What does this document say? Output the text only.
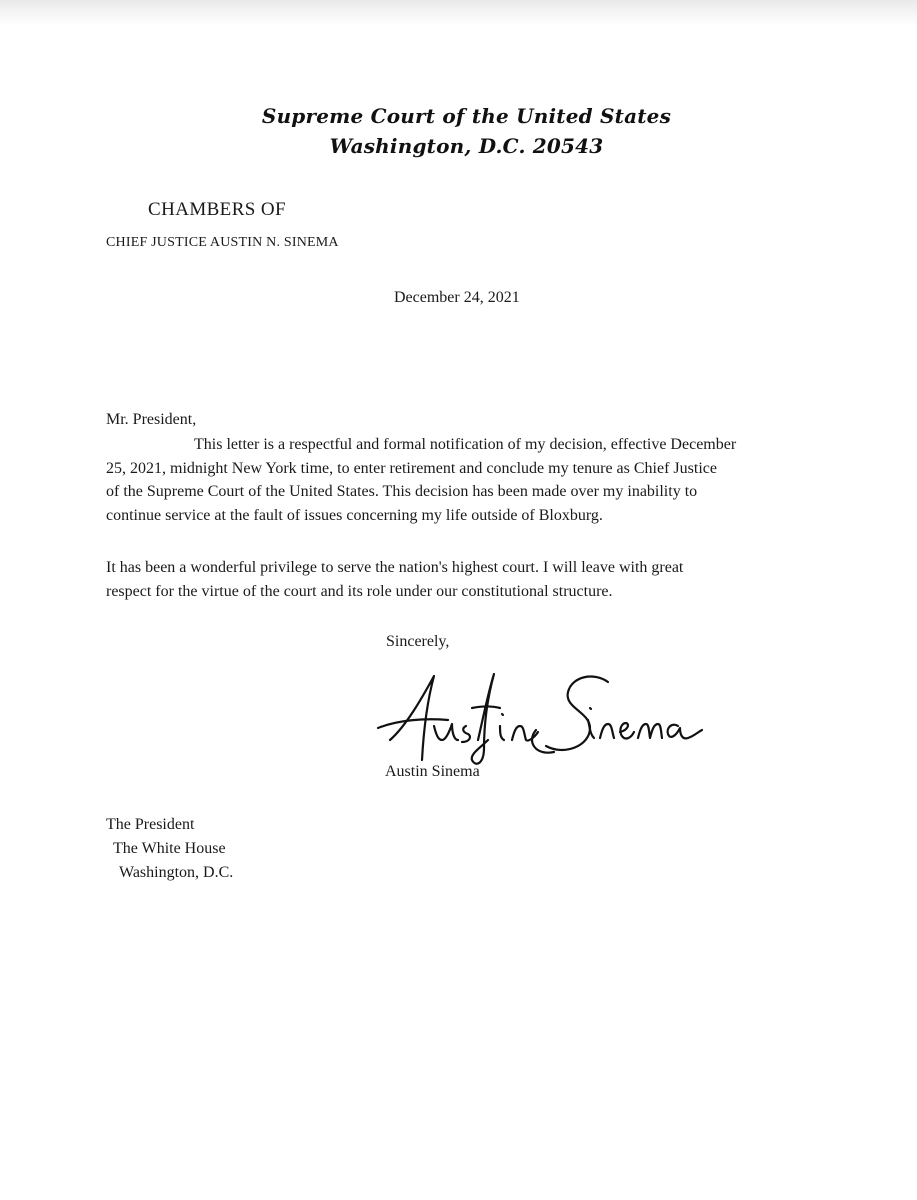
Supreme Court of the United States
Washington, D.C. 20543
CHAMBERS OF
CHIEF JUSTICE AUSTIN N. SINEMA
December 24, 2021
Mr. President,
This letter is a respectful and formal notification of my decision, effective December
25, 2021, midnight New York time, to enter retirement and conclude my tenure as Chief Justice
of the Supreme Court of the United States. This decision has been made over my inability to
continue service at the fault of issues concerning my life outside of Bloxburg.
It has been a wonderful privilege to serve the nation's highest court. I will leave with great
respect for the virtue of the court and its role under our constitutional structure.
Sincerely,
Austin Sinema
The President
The White House
Washington, D.C.
